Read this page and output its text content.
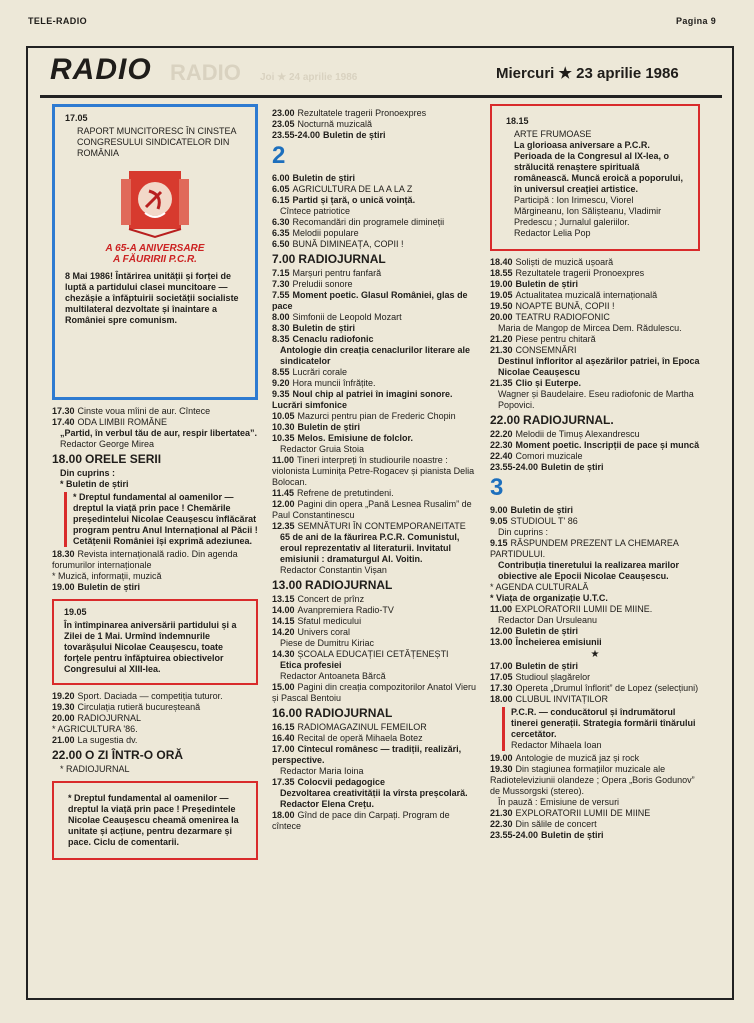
TELE-RADIO	Pagina 9
RADIO RADIO Joi ★ 24 aprilie 1986	Miercuri ★ 23 aprilie 1986
17.05
RAPORT MUNCITORESC ÎN CINSTEA CONGRESULUI SINDICATELOR DIN ROMÂNIA
A 65-A ANIVERSARE
A FĂURIRII P.C.R.
8 Mai 1986! Întărirea unității și forței de luptă a partidului clasei muncitoare — chezășie a înfăptuirii societății socialiste multilateral dezvoltate și înaintare a României spre comunism.

17.30 Cinste voua mîini de aur. Cîntece

17.40 ODA LIMBII ROMÂNE

„Partid, în verbul tău de aur, respir libertatea”.
Redactor George Mirea

18.00 ORELE SERII

Din cuprins :
* Buletin de știri
* Dreptul fundamental al oamenilor — dreptul la viață prin pace ! Chemările președintelui Nicolae Ceaușescu înflăcărat program pentru Anul Internațional al Păcii ! Cetățenii României își exprimă adeziunea.

18.30 Revista internațională radio. Din agenda forumurilor internaționale

* Muzică, informații, muzică

19.00 Buletin de știri

19.05
În întîmpinarea aniversării partidului și a Zilei de 1 Mai. Urmînd îndemnurile tovarășului Nicolae Ceaușescu, toate forțele pentru înfăptuirea obiectivelor Congresului al XIII-lea.

19.20 Sport. Daciada — competiția tuturor.

19.30 Circulația rutieră bucureșteană

20.00 RADIOJURNAL

* AGRICULTURA '86.

21.00 La sugestia dv.

22.00 O ZI ÎNTR-O ORĂ

* RADIOJURNAL
* Dreptul fundamental al oamenilor — dreptul la viață prin pace ! Președintele Nicolae Ceaușescu cheamă omenirea la unitate și acțiune, pentru dezarmare și pace. Ciclu de comentarii.

23.00 Rezultatele tragerii Pronoexpres

23.05 Nocturnă muzicală

23.55-24.00 Buletin de știri

2

6.00 Buletin de știri

6.05 AGRICULTURA DE LA A LA Z

6.15 Partid și țară, o unică voință.

Cîntece patriotice

6.30 Recomandări din programele dimineții

6.35 Melodii populare

6.50 BUNĂ DIMINEAȚA, COPII !

7.00 RADIOJURNAL

7.15 Marșuri pentru fanfară

7.30 Preludii sonore

7.55 Moment poetic. Glasul României, glas de pace

8.00 Simfonii de Leopold Mozart

8.30 Buletin de știri

8.35 Cenaclu radiofonic

Antologie din creația cenaclurilor literare ale sindicatelor

8.55 Lucrări corale

9.20 Hora muncii înfrățite.

9.35 Noul chip al patriei în imagini sonore. Lucrări simfonice

10.05 Mazurci pentru pian de Frederic Chopin

10.30 Buletin de știri

10.35 Melos. Emisiune de folclor.

Redactor Gruia Stoia

11.00 Tineri interpreți în studiourile noastre : violonista Luminița Petre-Rogacev și pianista Delia Bolocan.

11.45 Refrene de pretutindeni.

12.00 Pagini din opera „Pană Lesnea Rusalim” de Paul Constantinescu

12.35 SEMNĂTURI ÎN CONTEMPORANEITATE

65 de ani de la făurirea P.C.R. Comunistul, eroul reprezentativ al literaturii. Invitatul emisiunii : dramaturgul Al. Voitin.
Redactor Constantin Vișan

13.00 RADIOJURNAL

13.15 Concert de prînz

14.00 Avanpremiera Radio-TV

14.15 Sfatul medicului

14.20 Univers coral

Piese de Dumitru Kiriac

14.30 ȘCOALA EDUCAȚIEI CETĂȚENEȘTI

Etica profesiei
Redactor Antoaneta Bărcă

15.00 Pagini din creația compozitorilor Anatol Vieru și Pascal Bentoiu

16.00 RADIOJURNAL

16.15 RADIOMAGAZINUL FEMEILOR

16.40 Recital de operă Mihaela Botez

17.00 Cîntecul românesc — tradiții, realizări, perspective.

Redactor Maria Ioina

17.35 Colocvii pedagogice

Dezvoltarea creativității la vîrsta preșcolară. Redactor Elena Crețu.

18.00 Gînd de pace din Carpați. Program de cîntece

18.15
ARTE FRUMOASE
La glorioasa aniversare a P.C.R. Perioada de la Congresul al IX-lea, o strălucită renaștere spirituală românească. Muncă eroică a poporului, în universul creației artistice.
Participă : Ion Irimescu, Viorel Mărgineanu, Ion Sălișteanu, Vladimir Predescu ; Jurnalul galeriilor.
Redactor Lelia Pop

18.40 Soliști de muzică ușoară

18.55 Rezultatele tragerii Pronoexpres

19.00 Buletin de știri

19.05 Actualitatea muzicală internațională

19.50 NOAPTE BUNĂ, COPII !

20.00 TEATRU RADIOFONIC

Maria de Mangop de Mircea Dem. Rădulescu.

21.20 Piese pentru chitară

21.30 CONSEMNĂRI

Destinul înfloritor al așezărilor patriei, în Epoca Nicolae Ceaușescu

21.35 Clio și Euterpe.

Wagner și Baudelaire. Eseu radiofonic de Martha Popovici.

22.00 RADIOJURNAL.

22.20 Melodii de Timuș Alexandrescu

22.30 Moment poetic. Inscripții de pace și muncă

22.40 Comori muzicale

23.55-24.00 Buletin de știri

3

9.00 Buletin de știri

9.05 STUDIOUL T' 86

Din cuprins :

9.15 RĂSPUNDEM PREZENT LA CHEMAREA PARTIDULUI.

Contribuția tineretului la realizarea marilor obiective ale Epocii Nicolae Ceaușescu.

* AGENDA CULTURALĂ

* Viața de organizație U.T.C.

11.00 EXPLORATORII LUMII DE MIINE.

Redactor Dan Ursuleanu

12.00 Buletin de știri

13.00 Încheierea emisiunii

★

17.00 Buletin de știri

17.05 Studioul șlagărelor

17.30 Opereta „Drumul înflorit” de Lopez (selecțiuni)

18.00 CLUBUL INVITAȚILOR

P.C.R. — conducătorul și îndrumătorul tinerei generații. Strategia formării tînărului cercetător.
Redactor Mihaela Ioan

19.00 Antologie de muzică jaz și rock

19.30 Din stagiunea formațiilor muzicale ale Radioteleviziunii olandeze ; Opera „Boris Godunov” de Mussorgski (stereo).

În pauză : Emisiune de versuri

21.30 EXPLORATORII LUMII DE MIINE

22.30 Din sălile de concert

23.55-24.00 Buletin de știri
